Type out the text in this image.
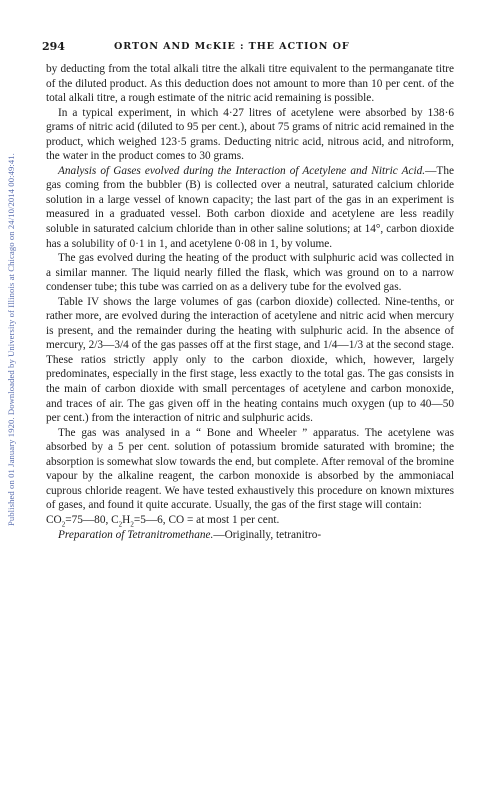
Published on 01 January 1920. Downloaded by University of Illinois at Chicago on 24/10/2014 00:49:41.
294	ORTON AND McKIE : THE ACTION OF

by deducting from the total alkali titre the alkali titre equivalent to the permanganate titre of the diluted product. As this deduction does not amount to more than 10 per cent. of the total alkali titre, a rough estimate of the nitric acid remaining is possible.

In a typical experiment, in which 4·27 litres of acetylene were absorbed by 138·6 grams of nitric acid (diluted to 95 per cent.), about 75 grams of nitric acid remained in the product, which weighed 123·5 grams. Deducting nitric acid, nitrous acid, and nitroform, the water in the product comes to 30 grams.

Analysis of Gases evolved during the Interaction of Acetylene and Nitric Acid.—The gas coming from the bubbler (B) is collected over a neutral, saturated calcium chloride solution in a large vessel of known capacity; the last part of the gas in an experiment is measured in a graduated vessel. Both carbon dioxide and acetylene are less readily soluble in saturated calcium chloride than in other saline solutions; at 14°, carbon dioxide has a solubility of 0·1 in 1, and acetylene 0·08 in 1, by volume.

The gas evolved during the heating of the product with sulphuric acid was collected in a similar manner. The liquid nearly filled the flask, which was ground on to a narrow condenser tube; this tube was carried on as a delivery tube for the evolved gas.

Table IV shows the large volumes of gas (carbon dioxide) collected. Nine-tenths, or rather more, are evolved during the interaction of acetylene and nitric acid when mercury is present, and the remainder during the heating with sulphuric acid. In the absence of mercury, 2/3—3/4 of the gas passes off at the first stage, and 1/4—1/3 at the second stage. These ratios strictly apply only to the carbon dioxide, which, however, largely predominates, especially in the first stage, less exactly to the total gas. The gas consists in the main of carbon dioxide with small percentages of acetylene and carbon monoxide, and traces of air. The gas given off in the heating contains much oxygen (up to 40—50 per cent.) from the interaction of nitric and sulphuric acids.

The gas was analysed in a “ Bone and Wheeler ” apparatus. The acetylene was absorbed by a 5 per cent. solution of potassium bromide saturated with bromine; the absorption is somewhat slow towards the end, but complete. After removal of the bromine vapour by the alkaline reagent, the carbon monoxide is absorbed by the ammoniacal cuprous chloride reagent. We have tested exhaustively this procedure on known mixtures of gases, and found it quite accurate. Usually, the gas of the first stage will contain:

$CO_2=75—80$, $C_2H_2=5—6$, CO = at most 1 per cent.

Preparation of Tetranitromethane.—Originally, tetranitro-
